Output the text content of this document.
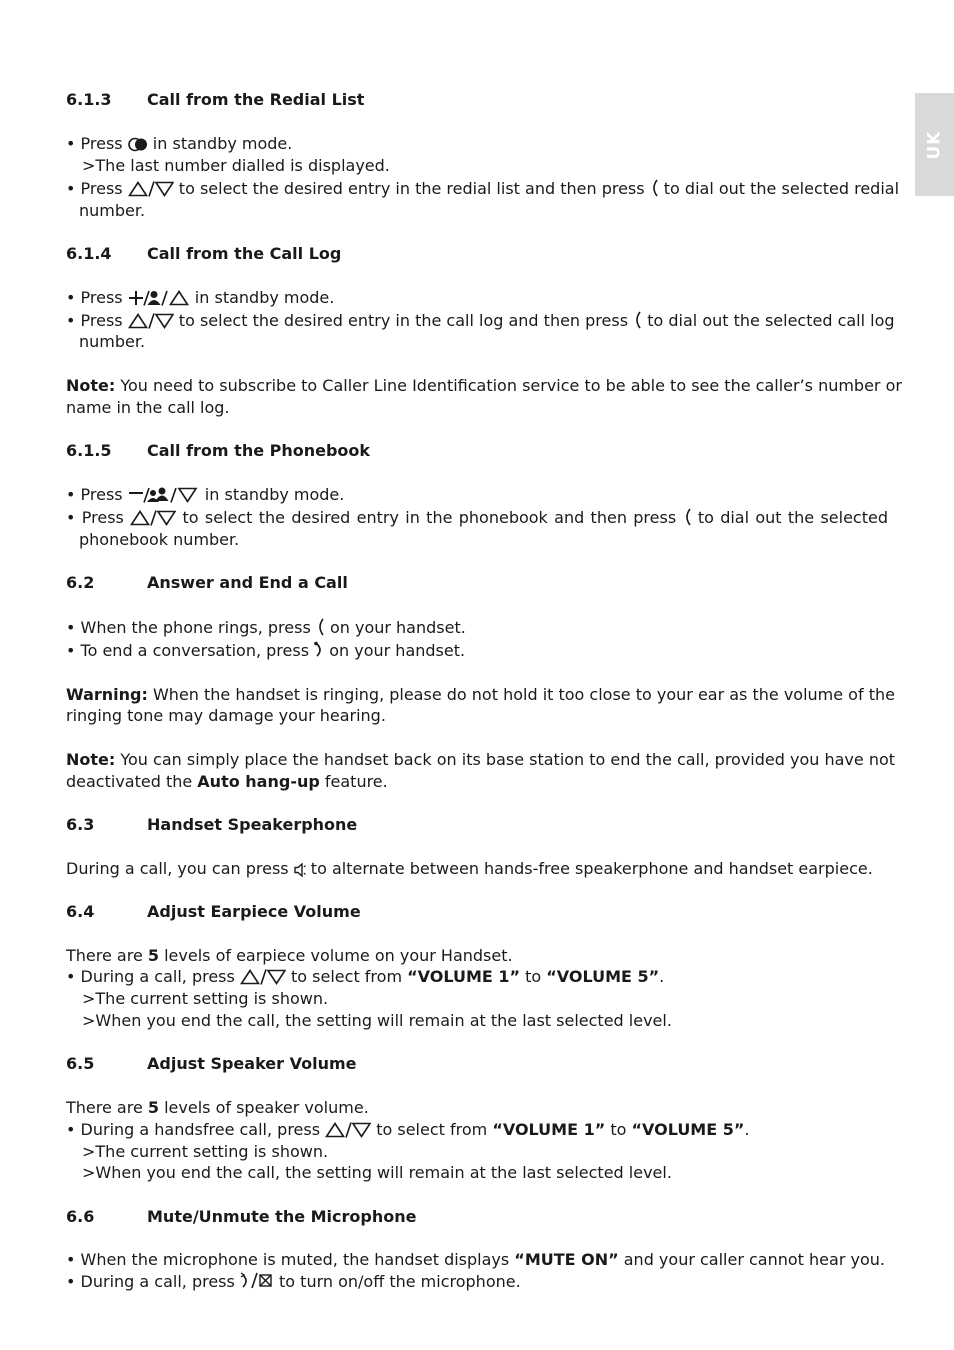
UK
6.1.3 Call from the Redial List
• Press
in standby mode.
>The last number dialled is displayed.
• Press	to select the desired entry in the redial list and then press
to dial out the selected redial
number.
6.1.4 Call from the Call Log
• Press	in standby mode.
• Press	to select the desired entry in the call log and then press
to dial out the selected call log
number.
Note: You need to subscribe to Caller Line Identification service to be able to see the caller’s number or
name in the call log.
6.1.5 Call from the Phonebook
• Press	in standby mode.
• Press	to select the desired entry in the phonebook and then press
to dial out the selected
phonebook number.
6.2	Answer and End a Call
• When the phone rings, press
on your handset.
• To end a conversation, press
on your handset.
Warning: When the handset is ringing, please do not hold it too close to your ear as the volume of the
ringing tone may damage your hearing.
Note: You can simply place the handset back on its base station to end the call, provided you have not
deactivated the Auto hang-up feature.
6.3	Handset Speakerphone
During a call, you can press
to alternate between hands-free speakerphone and handset earpiece.
6.4	Adjust Earpiece Volume
There are 5 levels of earpiece volume on your Handset.
• During a call, press	to select from “VOLUME 1” to “VOLUME 5”.
>The current setting is shown.
>When you end the call, the setting will remain at the last selected level.
6.5	Adjust Speaker Volume
There are 5 levels of speaker volume.
• During a handsfree call, press	to select from “VOLUME 1” to “VOLUME 5”.
>The current setting is shown.
>When you end the call, the setting will remain at the last selected level.
6.6	Mute/Unmute the Microphone
• When the microphone is muted, the handset displays “MUTE ON” and your caller cannot hear you.
• During a call, press
to turn on/off the microphone.
